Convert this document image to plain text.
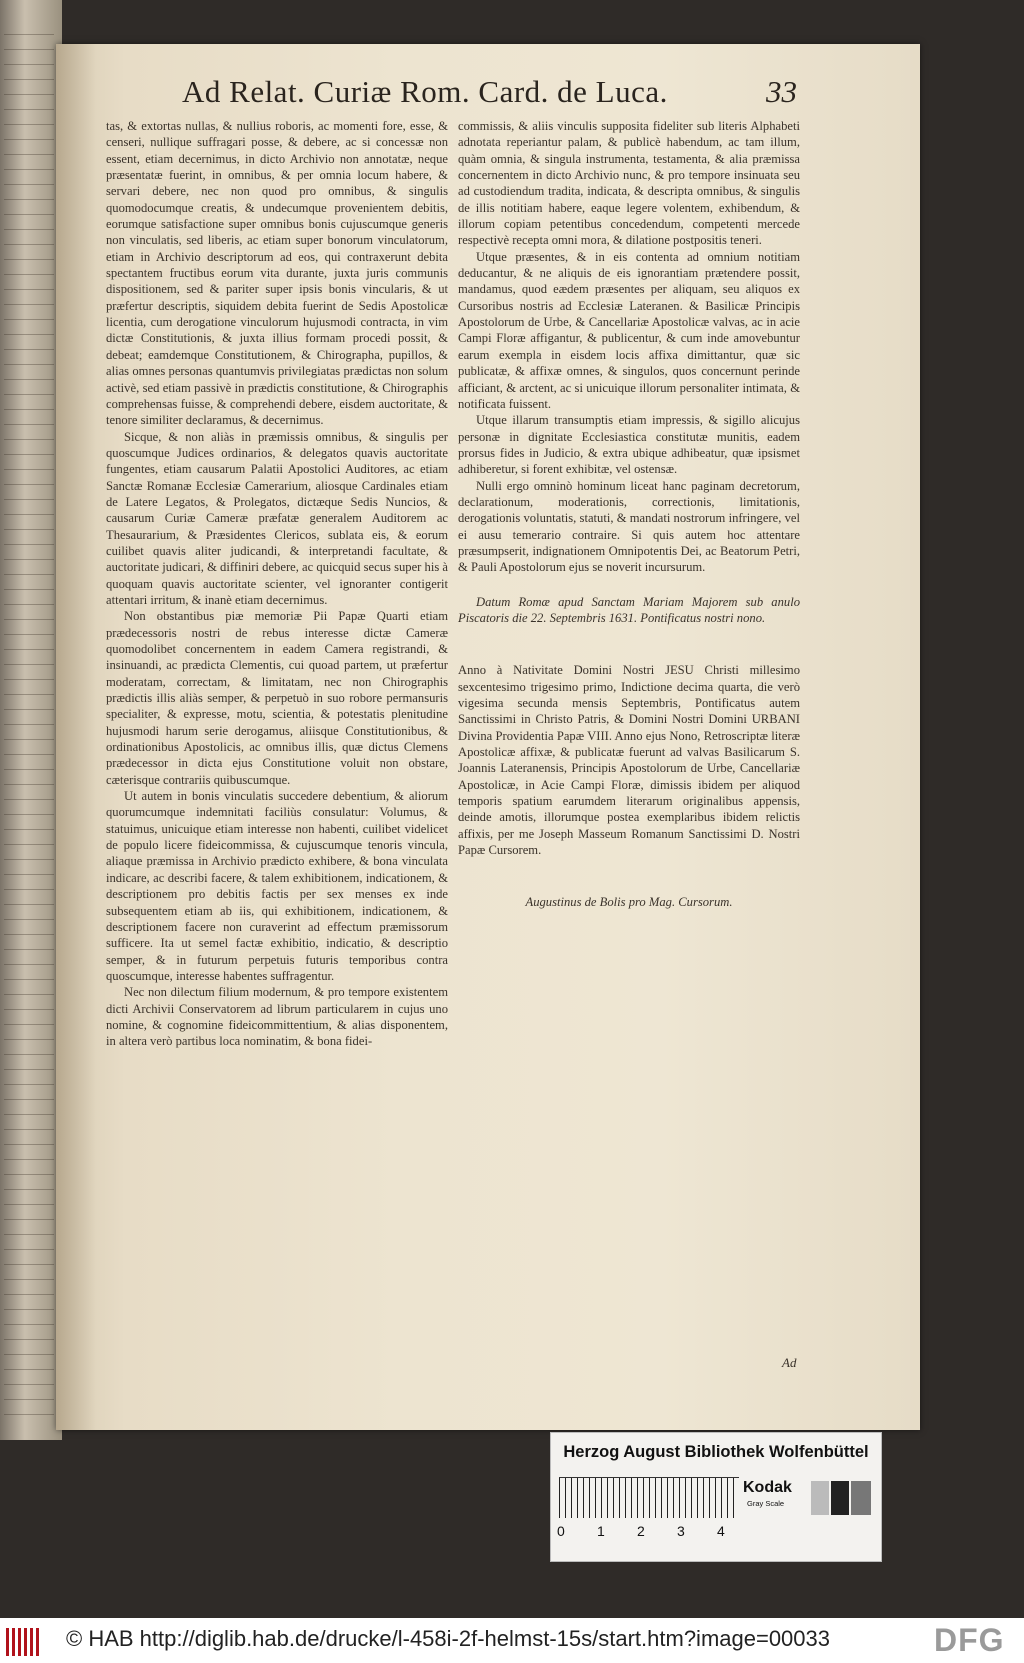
Ad Relat. Curiæ Rom. Card. de Luca.	33

tas, & extortas nullas, & nullius roboris, ac momenti fore, esse, & censeri, nullique suffragari posse, & debere, ac si concessæ non essent, etiam decernimus, in dicto Archivio non annotatæ, neque præsentatæ fuerint, in omnibus, & per omnia locum habere, & servari debere, nec non quod pro omnibus, & singulis quomodocumque creatis, & undecumque provenientem debitis, eorumque satisfactione super omnibus bonis cujuscumque generis non vinculatis, sed liberis, ac etiam super bonorum vinculatorum, etiam in Archivio descriptorum ad eos, qui contraxerunt debita spectantem fructibus eorum vita durante, juxta juris communis dispositionem, sed & pariter super ipsis bonis vincularis, & ut præfertur descriptis, siquidem debita fuerint de Sedis Apostolicæ licentia, cum derogatione vinculorum hujusmodi contracta, in vim dictæ Constitutionis, & juxta illius formam procedi possit, & debeat; eamdemque Constitutionem, & Chirographa, pupillos, & alias omnes personas quantumvis privilegiatas prædictas non solum activè, sed etiam passivè in prædictis constitutione, & Chirographis comprehensas fuisse, & comprehendi debere, eisdem auctoritate, & tenore similiter declaramus, & decernimus.

Sicque, & non aliàs in præmissis omnibus, & singulis per quoscumque Judices ordinarios, & delegatos quavis auctoritate fungentes, etiam causarum Palatii Apostolici Auditores, ac etiam Sanctæ Romanæ Ecclesiæ Camerarium, aliosque Cardinales etiam de Latere Legatos, & Prolegatos, dictæque Sedis Nuncios, & causarum Curiæ Cameræ præfatæ generalem Auditorem ac Thesaurarium, & Præsidentes Clericos, sublata eis, & eorum cuilibet quavis aliter judicandi, & interpretandi facultate, & auctoritate judicari, & diffiniri debere, ac quicquid secus super his à quoquam quavis auctoritate scienter, vel ignoranter contigerit attentari irritum, & inanè etiam decernimus.

Non obstantibus piæ memoriæ Pii Papæ Quarti etiam prædecessoris nostri de rebus interesse dictæ Cameræ quomodolibet concernentem in eadem Camera registrandi, & insinuandi, ac prædicta Clementis, cui quoad partem, ut præfertur moderatam, correctam, & limitatam, nec non Chirographis prædictis illis aliàs semper, & perpetuò in suo robore permansuris specialiter, & expresse, motu, scientia, & potestatis plenitudine hujusmodi harum serie derogamus, aliisque Constitutionibus, & ordinationibus Apostolicis, ac omnibus illis, quæ dictus Clemens prædecessor in dicta ejus Constitutione voluit non obstare, cæterisque contrariis quibuscumque.

Ut autem in bonis vinculatis succedere debentium, & aliorum quorumcumque indemnitati faciliùs consulatur: Volumus, & statuimus, unicuique etiam interesse non habenti, cuilibet videlicet de populo licere fideicommissa, & cujuscumque tenoris vincula, aliaque præmissa in Archivio prædicto exhibere, & bona vinculata indicare, ac describi facere, & talem exhibitionem, indicationem, & descriptionem pro debitis factis per sex menses ex inde subsequentem etiam ab iis, qui exhibitionem, indicationem, & descriptionem facere non curaverint ad effectum præmissorum sufficere. Ita ut semel factæ exhibitio, indicatio, & descriptio semper, & in futurum perpetuis futuris temporibus contra quoscumque, interesse habentes suffragentur.

Nec non dilectum filium modernum, & pro tempore existentem dicti Archivii Conservatorem ad librum particularem in cujus uno nomine, & cognomine fideicommittentium, & alias disponentem, in altera verò partibus loca nominatim, & bona fidei-

commissis, & aliis vinculis supposita fideliter sub literis Alphabeti adnotata reperiantur palam, & publicè habendum, ac tam illum, quàm omnia, & singula instrumenta, testamenta, & alia præmissa concernentem in dicto Archivio nunc, & pro tempore insinuata seu ad custodiendum tradita, indicata, & descripta omnibus, & singulis de illis notitiam habere, eaque legere volentem, exhibendum, & illorum copiam petentibus concedendum, competenti mercede respectivè recepta omni mora, & dilatione postpositis teneri.

Utque præsentes, & in eis contenta ad omnium notitiam deducantur, & ne aliquis de eis ignorantiam prætendere possit, mandamus, quod eædem præsentes per aliquam, seu aliquos ex Cursoribus nostris ad Ecclesiæ Lateranen. & Basilicæ Principis Apostolorum de Urbe, & Cancellariæ Apostolicæ valvas, ac in acie Campi Floræ affigantur, & publicentur, & cum inde amovebuntur earum exempla in eisdem locis affixa dimittantur, quæ sic publicatæ, & affixæ omnes, & singulos, quos concernunt perinde afficiant, & arctent, ac si unicuique illorum personaliter intimata, & notificata fuissent.

Utque illarum transumptis etiam impressis, & sigillo alicujus personæ in dignitate Ecclesiastica constitutæ munitis, eadem prorsus fides in Judicio, & extra ubique adhibeatur, quæ ipsismet adhiberetur, si forent exhibitæ, vel ostensæ.

Nulli ergo omninò hominum liceat hanc paginam decretorum, declarationum, moderationis, correctionis, limitationis, derogationis voluntatis, statuti, & mandati nostrorum infringere, vel ei ausu temerario contraire. Si quis autem hoc attentare præsumpserit, indignationem Omnipotentis Dei, ac Beatorum Petri, & Pauli Apostolorum ejus se noverit incursurum.

Datum Romæ apud Sanctam Mariam Majorem sub anulo Piscatoris die 22. Septembris 1631. Pontificatus nostri nono.

Anno à Nativitate Domini Nostri JESU Christi millesimo sexcentesimo trigesimo primo, Indictione decima quarta, die verò vigesima secunda mensis Septembris, Pontificatus autem Sanctissimi in Christo Patris, & Domini Nostri Domini URBANI Divina Providentia Papæ VIII. Anno ejus Nono, Retroscriptæ literæ Apostolicæ affixæ, & publicatæ fuerunt ad valvas Basilicarum S. Joannis Lateranensis, Principis Apostolorum de Urbe, Cancellariæ Apostolicæ, in Acie Campi Floræ, dimissis ibidem per aliquod temporis spatium earumdem literarum originalibus appensis, deinde amotis, illorumque postea exemplaribus ibidem relictis affixis, per me Joseph Masseum Romanum Sanctissimi D. Nostri Papæ Cursorem.

Augustinus de Bolis pro Mag. Cursorum.

Ad
Herzog August Bibliothek Wolfenbüttel
0 1 2 3 4
Kodak
Gray Scale
© HAB http://diglib.hab.de/drucke/l-458i-2f-helmst-15s/start.htm?image=00033	DFG
